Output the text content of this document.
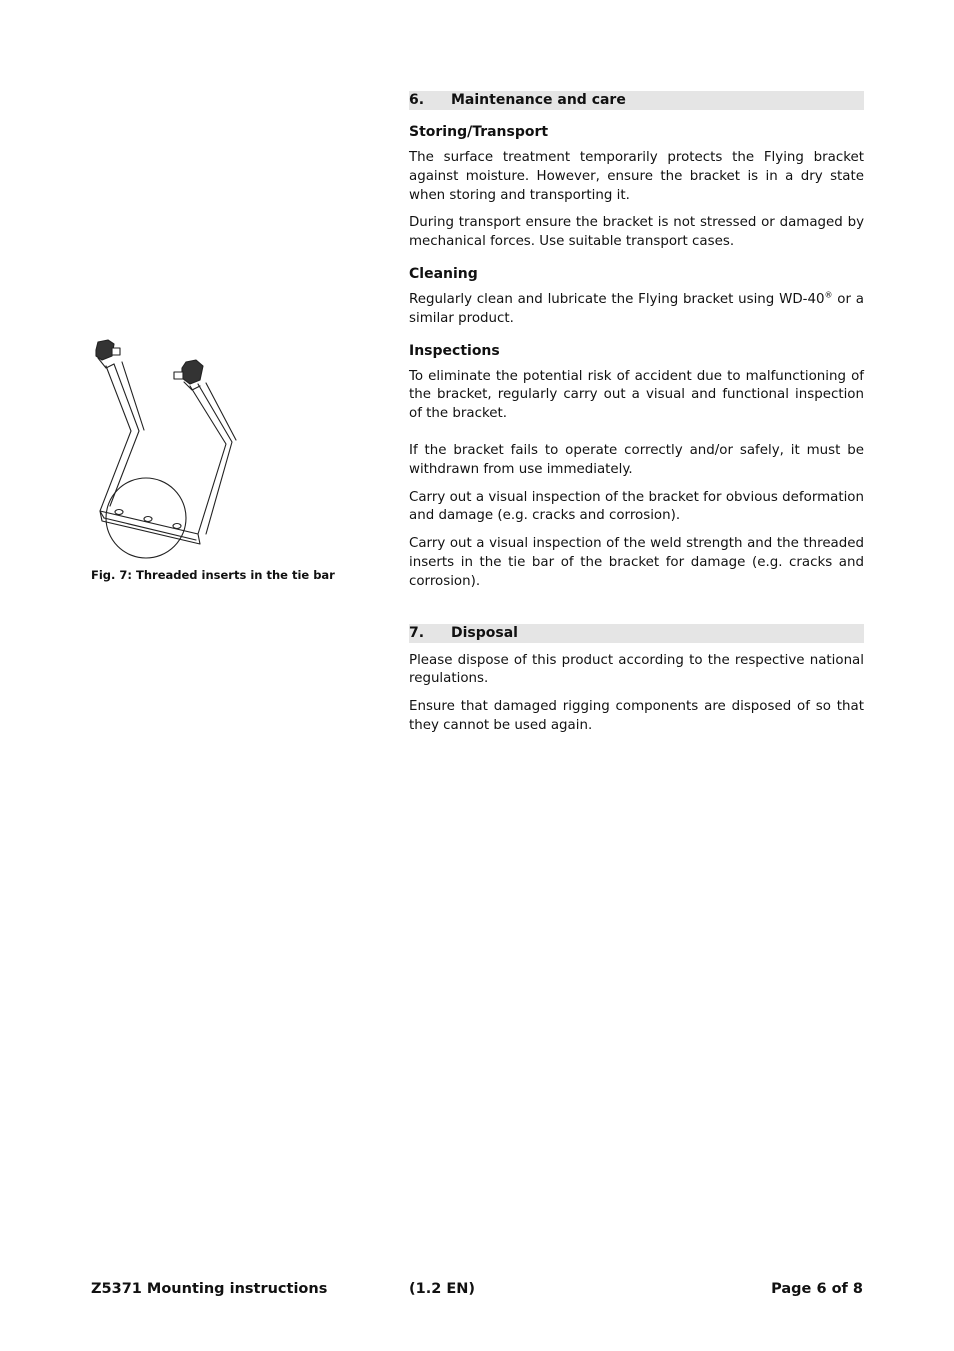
Fig. 7: Threaded inserts in the tie bar
6.	Maintenance and care
Storing/Transport

The surface treatment temporarily protects the Flying bracket against moisture. However, ensure the bracket is in a dry state when storing and transporting it.

During transport ensure the bracket is not stressed or damaged by mechanical forces. Use suitable transport cases.

Cleaning

Regularly clean and lubricate the Flying bracket using WD-40® or a similar product.

Inspections

To eliminate the potential risk of accident due to malfunctioning of the bracket, regularly carry out a visual and functional inspection of the bracket.

If the bracket fails to operate correctly and/or safely, it must be withdrawn from use immediately.

Carry out a visual inspection of the bracket for obvious deformation and damage (e.g. cracks and corrosion).

Carry out a visual inspection of the weld strength and the threaded inserts in the tie bar of the bracket for damage (e.g. cracks and corrosion).

7.	Disposal

Please dispose of this product according to the respective national regulations.

Ensure that damaged rigging components are disposed of so that they cannot be used again.

Z5371 Mounting instructions	(1.2 EN)	Page 6 of 8
